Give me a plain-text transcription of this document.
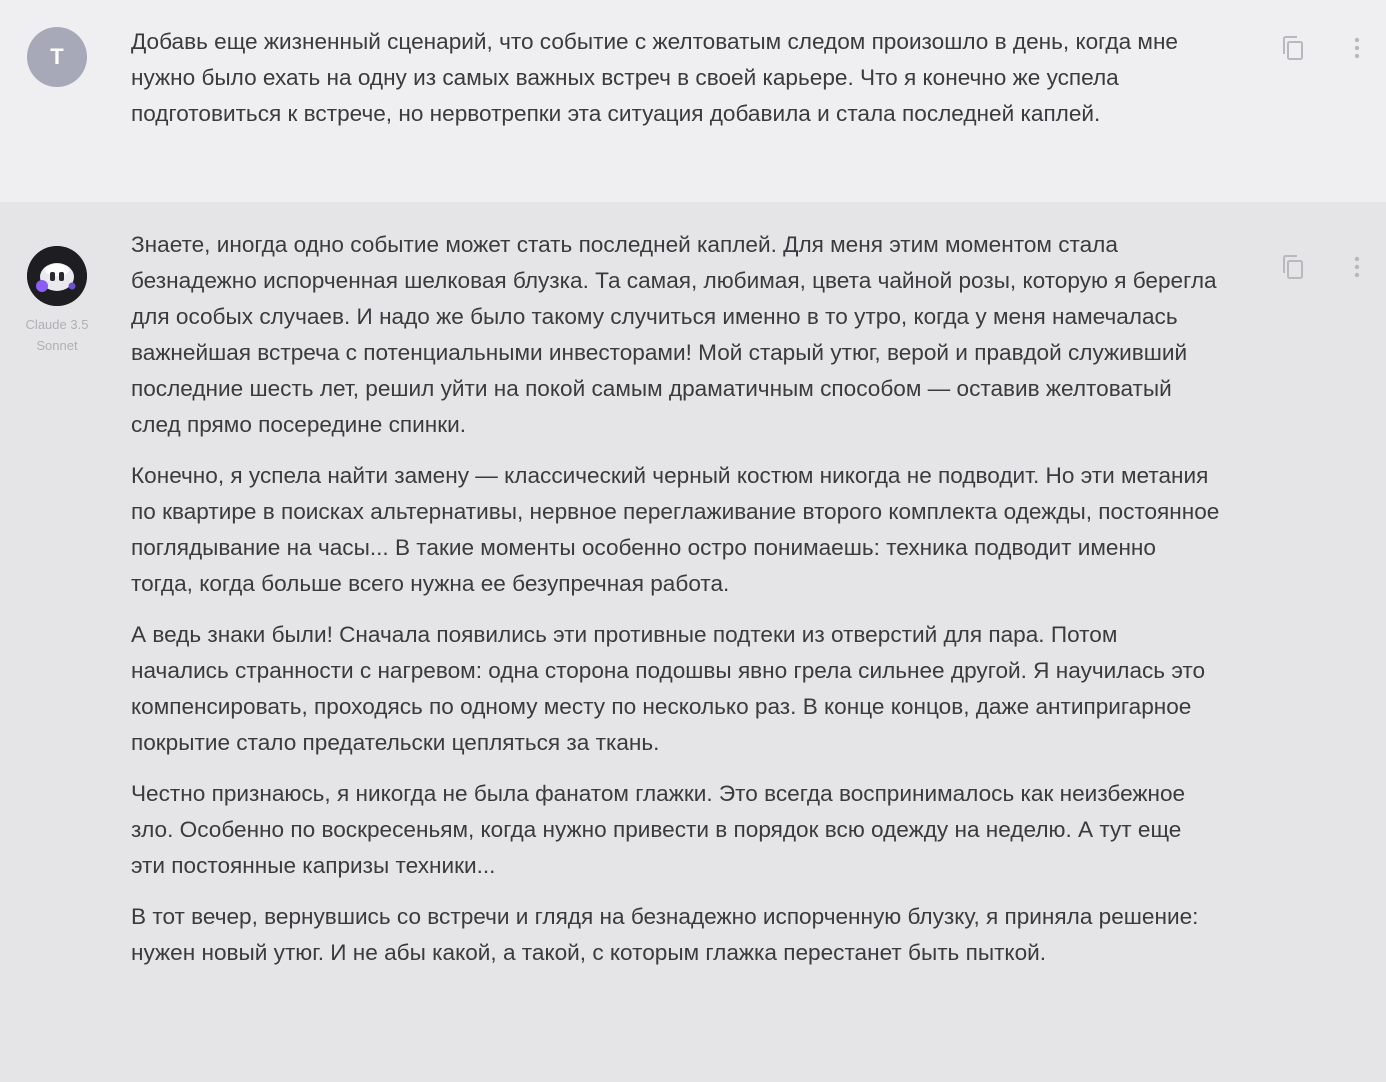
T
Добавь еще жизненный сценарий, что событие с желтоватым следом произошло в день, когда мне нужно было ехать на одну из самых важных встреч в своей карьере. Что я конечно же успела подготовиться к встрече, но нервотрепки эта ситуация добавила и стала последней каплей.
Claude 3.5 Sonnet

Знаете, иногда одно событие может стать последней каплей. Для меня этим моментом стала безнадежно испорченная шелковая блузка. Та самая, любимая, цвета чайной розы, которую я берегла для особых случаев. И надо же было такому случиться именно в то утро, когда у меня намечалась важнейшая встреча с потенциальными инвесторами! Мой старый утюг, верой и правдой служивший последние шесть лет, решил уйти на покой самым драматичным способом — оставив желтоватый след прямо посередине спинки.

Конечно, я успела найти замену — классический черный костюм никогда не подводит. Но эти метания по квартире в поисках альтернативы, нервное переглаживание второго комплекта одежды, постоянное поглядывание на часы... В такие моменты особенно остро понимаешь: техника подводит именно тогда, когда больше всего нужна ее безупречная работа.

А ведь знаки были! Сначала появились эти противные подтеки из отверстий для пара. Потом начались странности с нагревом: одна сторона подошвы явно грела сильнее другой. Я научилась это компенсировать, проходясь по одному месту по несколько раз. В конце концов, даже антипригарное покрытие стало предательски цепляться за ткань.

Честно признаюсь, я никогда не была фанатом глажки. Это всегда воспринималось как неизбежное зло. Особенно по воскресеньям, когда нужно привести в порядок всю одежду на неделю. А тут еще эти постоянные капризы техники...

В тот вечер, вернувшись со встречи и глядя на безнадежно испорченную блузку, я приняла решение: нужен новый утюг. И не абы какой, а такой, с которым глажка перестанет быть пыткой.
